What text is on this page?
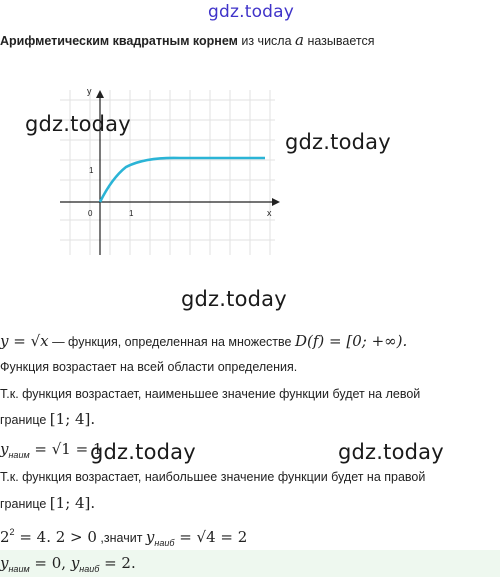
gdz.today
Арифметическим квадратным корнем из числа a называется
y
x
0	1
1
gdz.today
gdz.today
gdz.today
y = √x — функция, определенная на множестве D(f) = [0; +∞).
Функция возрастает на всей области определения.
Т.к. функция возрастает, наименьшее значение функции будет на левой
границе [1; 4].
$y_{наим} = √1 = 1$
gdz.today	gdz.today
Т.к. функция возрастает, наибольшее значение функции будет на правой
границе [1; 4].
$2^2 = 4$. 2 > 0 ,значит $y_{наиб} = √4 = 2$
$y_{наим} = 0$, $y_{наиб} = 2$.
